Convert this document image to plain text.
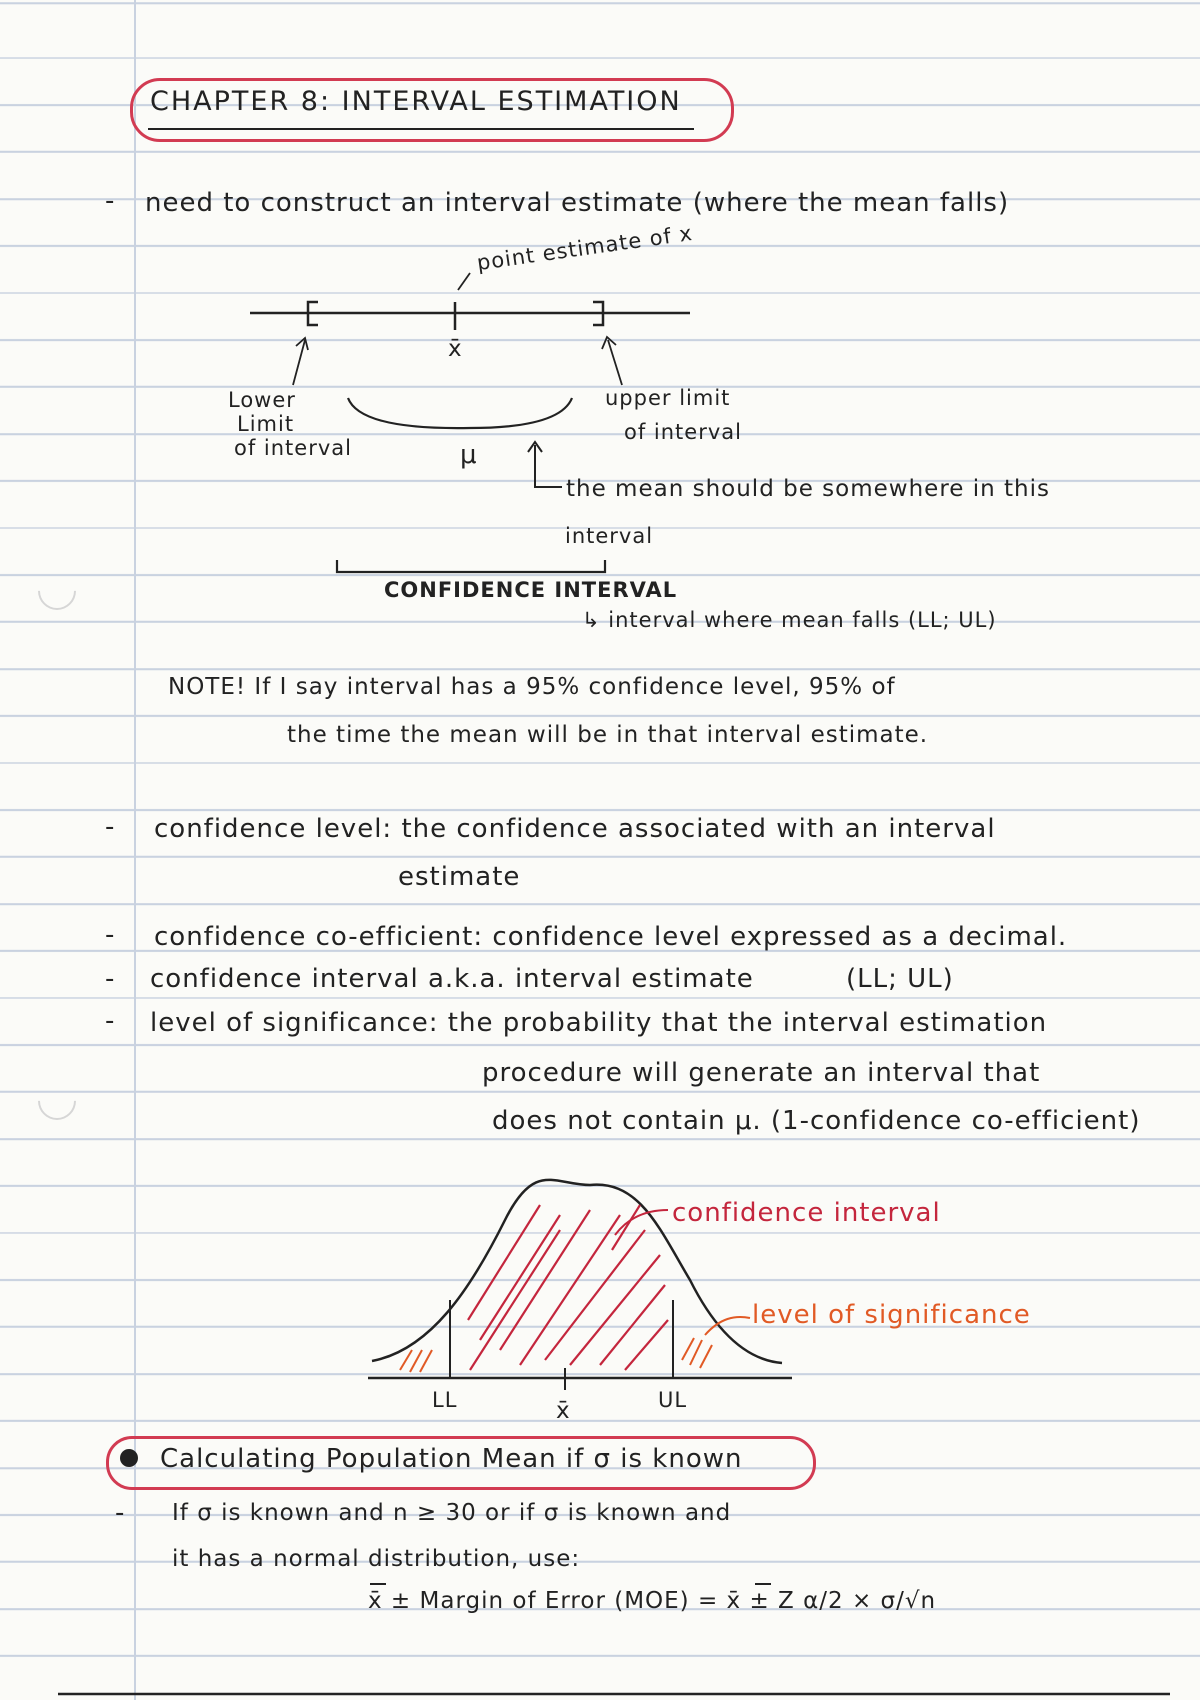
CHAPTER 8: INTERVAL ESTIMATION
- need to construct an interval estimate (where the mean falls)
point estimate of x
x̄
μ
Lower
Limit
of interval
upper limit
of interval
the mean should be somewhere in this
interval
CONFIDENCE INTERVAL
↳ interval where mean falls (LL; UL)
NOTE! If I say interval has a 95% confidence level, 95% of
the time the mean will be in that interval estimate.
- confidence level: the confidence associated with an interval
estimate
- confidence co-efficient: confidence level expressed as a decimal.
- confidence interval a.k.a. interval estimate	(LL; UL)
- level of significance: the probability that the interval estimation
procedure will generate an interval that
does not contain μ. (1-confidence co-efficient)
confidence interval
level of significance
LL	UL
x̄
Calculating Population Mean if σ is known
- If σ is known and n ≥ 30 or if σ is known and
it has a normal distribution, use:
x̄ ± Margin of Error (MOE) = x̄ ± Z α/2 × σ/√n
